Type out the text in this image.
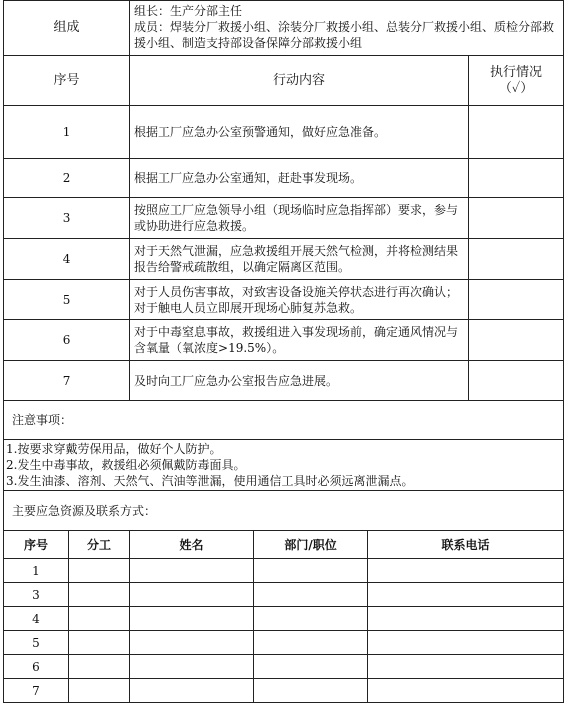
组成		组长：生产分部主任
成员：焊装分厂救援小组、涂装分厂救援小组、总装分厂救援小组、质检分部救援小组、制造支持部设备保障分部救援小组			

序号		行动内容			执行情况（✓）
1		根据工厂应急办公室预警通知，做好应急准备。			
2		根据工厂应急办公室通知，赶赴事发现场。			
3		按照应工厂应急领导小组（现场临时应急指挥部）要求，参与或协助进行应急救援。			
4		对于天然气泄漏，应急救援组开展天然气检测，并将检测结果报告给警戒疏散组，以确定隔离区范围。			
5		对于人员伤害事故，对致害设备设施关停状态进行再次确认；对于触电人员立即展开现场心肺复苏急救。			
6		对于中毒窒息事故，救援组进入事发现场前，确定通风情况与含氧量（氧浓度>19.5%）。			
7		及时向工厂应急办公室报告应急进展。			
注意事项：					

1.按要求穿戴劳保用品，做好个人防护。
2.发生中毒事故，救援组必须佩戴防毒面具。
3.发生油漆、溶剂、天然气、汽油等泄漏，使用通信工具时必须远离泄漏点。					

主要应急资源及联系方式：					
序号	分工	姓名	部门/职位	联系电话	
1					
3					
4					
5					
6					
7					
